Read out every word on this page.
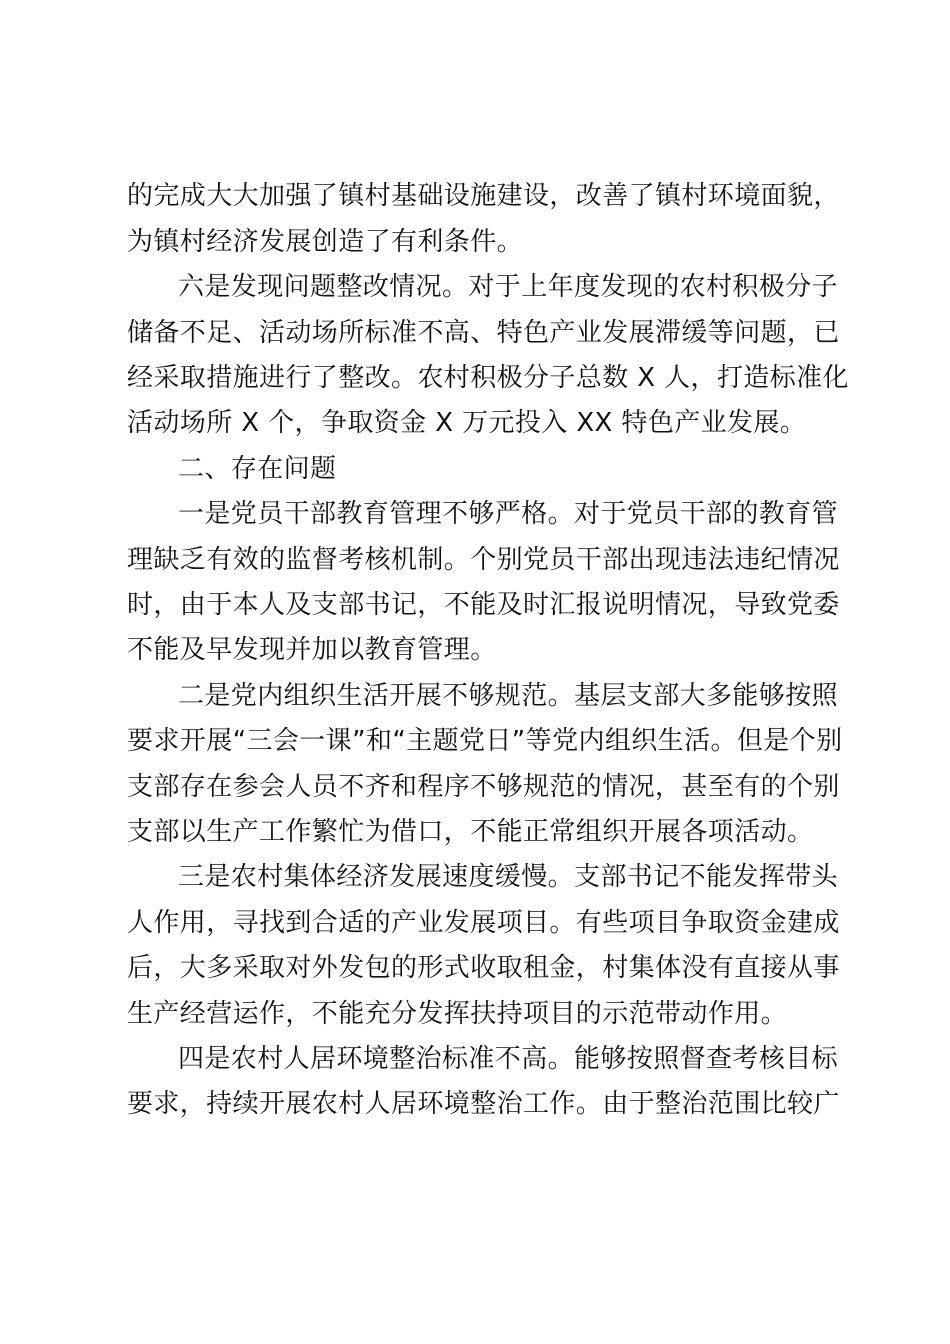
的完成大大加强了镇村基础设施建设，改善了镇村环境面貌，
为镇村经济发展创造了有利条件。
六是发现问题整改情况。对于上年度发现的农村积极分子
储备不足、活动场所标准不高、特色产业发展滞缓等问题，已
经采取措施进行了整改。农村积极分子总数 X 人，打造标准化
活动场所 X 个，争取资金 X 万元投入 XX 特色产业发展。
二、存在问题
一是党员干部教育管理不够严格。对于党员干部的教育管
理缺乏有效的监督考核机制。个别党员干部出现违法违纪情况
时，由于本人及支部书记，不能及时汇报说明情况，导致党委
不能及早发现并加以教育管理。
二是党内组织生活开展不够规范。基层支部大多能够按照
要求开展“三会一课”和“主题党日”等党内组织生活。但是个别
支部存在参会人员不齐和程序不够规范的情况，甚至有的个别
支部以生产工作繁忙为借口，不能正常组织开展各项活动。
三是农村集体经济发展速度缓慢。支部书记不能发挥带头
人作用，寻找到合适的产业发展项目。有些项目争取资金建成
后，大多采取对外发包的形式收取租金，村集体没有直接从事
生产经营运作，不能充分发挥扶持项目的示范带动作用。
四是农村人居环境整治标准不高。能够按照督查考核目标
要求，持续开展农村人居环境整治工作。由于整治范围比较广
